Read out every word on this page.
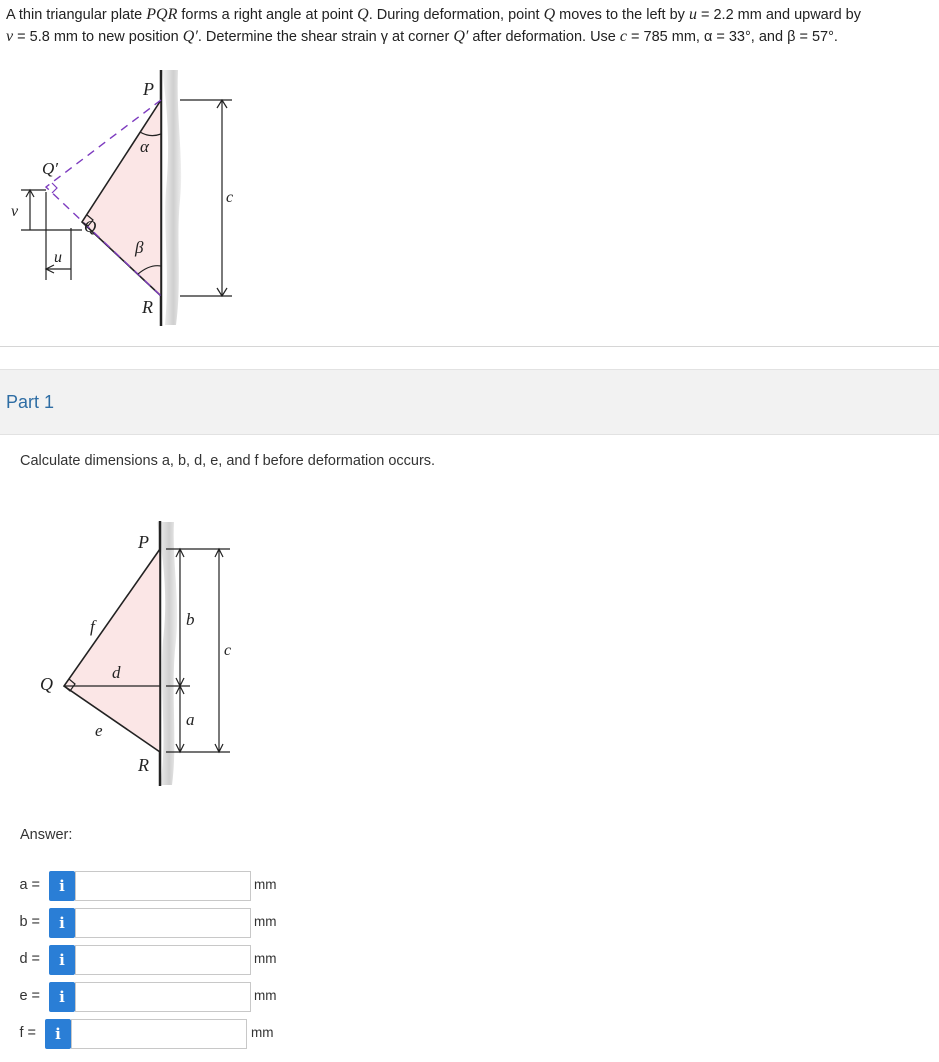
A thin triangular plate PQR forms a right angle at point Q. During deformation, point Q moves to the left by u = 2.2 mm and upward by
v = 5.8 mm to new position Q′. Determine the shear strain γ at corner Q′ after deformation. Use c = 785 mm, α = 33°, and β = 57°.
P
α
Q′
Q
β
R
c
v
u
Part 1
Calculate dimensions a, b, d, e, and f before deformation occurs.
P
f
d
Q
e
R
b
a
c
Answer:
a =	i	mm
b =	i	mm
d =	i	mm
e =	i	mm
f =	i	mm
